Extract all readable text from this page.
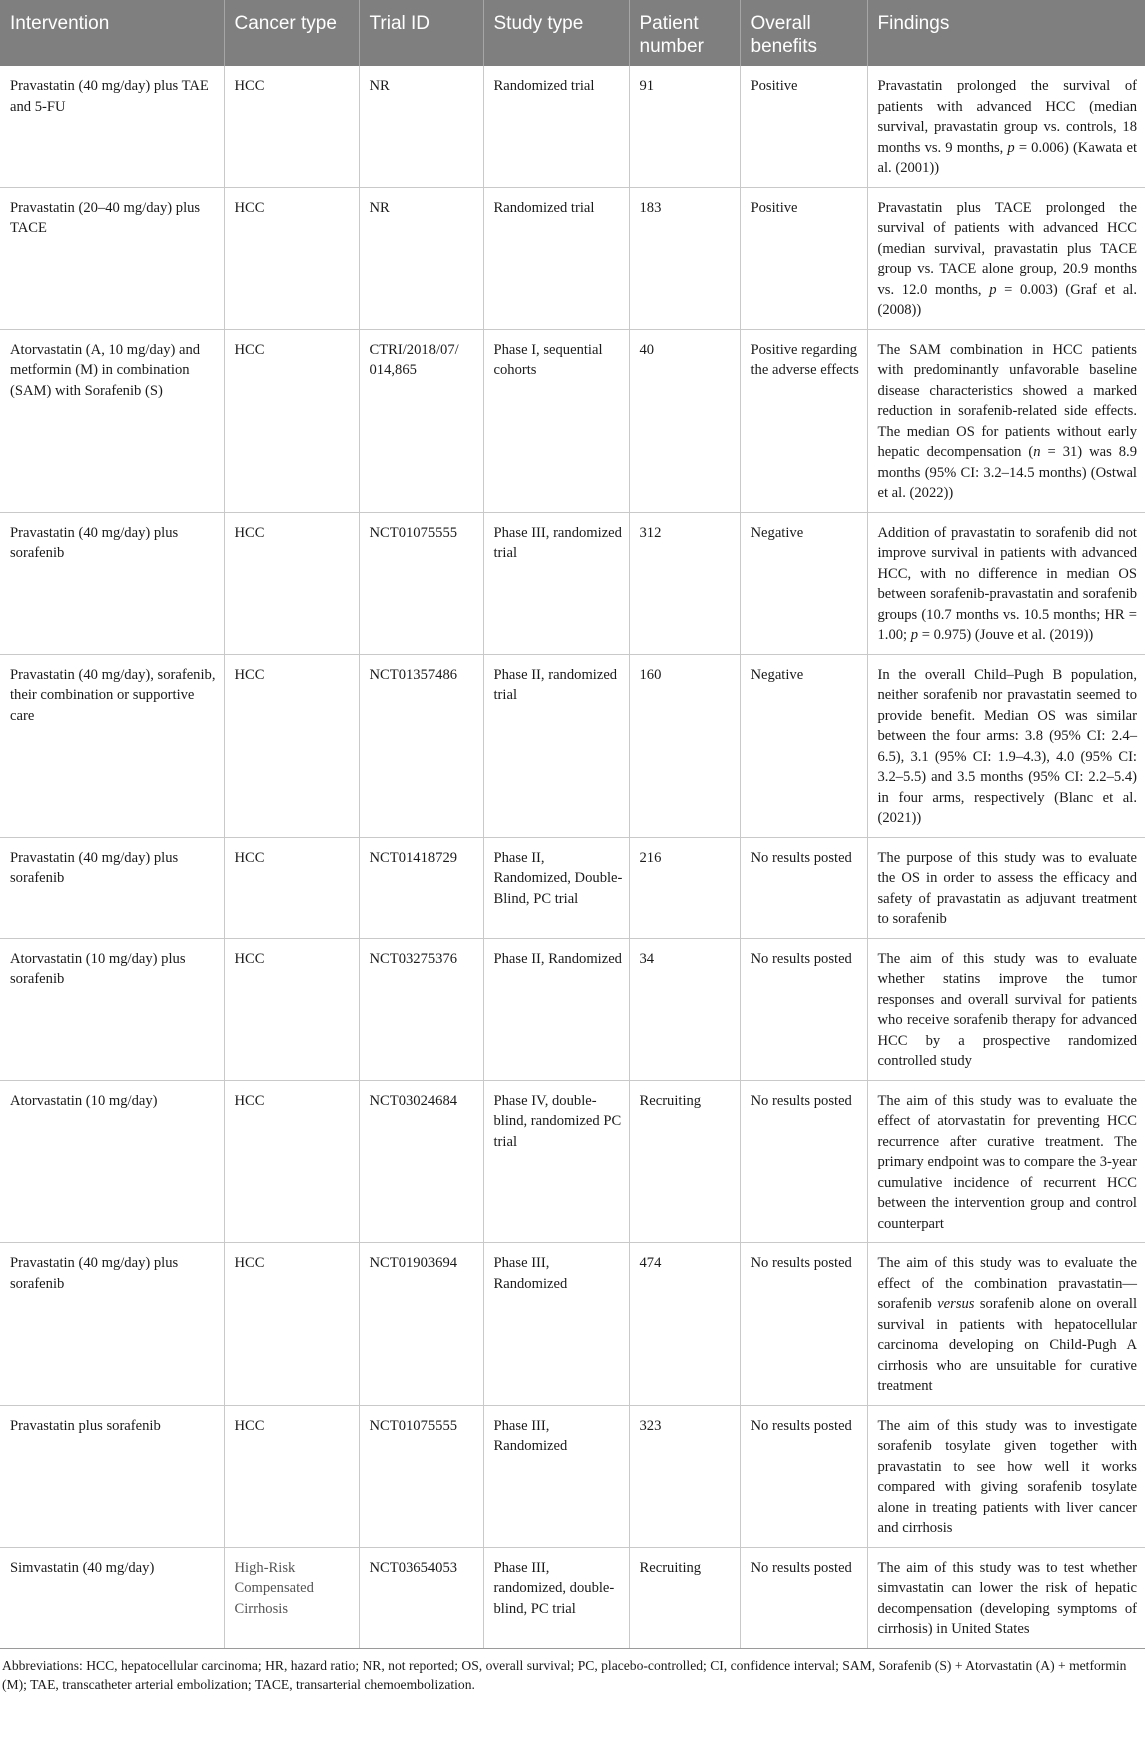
Intervention	Cancer type	Trial ID	Study type	Patient number	Overall benefits	Findings
Pravastatin (40 mg/day) plus TAE and 5-FU	HCC	NR	Randomized trial	91	Positive	Pravastatin prolonged the survival of patients with advanced HCC (median survival, pravastatin group vs. controls, 18 months vs. 9 months, p = 0.006) (Kawata et al. (2001))
Pravastatin (20–40 mg/day) plus TACE	HCC	NR	Randomized trial	183	Positive	Pravastatin plus TACE prolonged the survival of patients with advanced HCC (median survival, pravastatin plus TACE group vs. TACE alone group, 20.9 months vs. 12.0 months, p = 0.003) (Graf et al. (2008))
Atorvastatin (A, 10 mg/day) and metformin (M) in combination (SAM) with Sorafenib (S)	HCC	CTRI/2018/07/ 014,865	Phase I, sequential cohorts	40	Positive regarding the adverse effects	The SAM combination in HCC patients with predominantly unfavorable baseline disease characteristics showed a marked reduction in sorafenib-related side effects. The median OS for patients without early hepatic decompensation (n = 31) was 8.9 months (95% CI: 3.2–14.5 months) (Ostwal et al. (2022))
Pravastatin (40 mg/day) plus sorafenib	HCC	NCT01075555	Phase III, randomized trial	312	Negative	Addition of pravastatin to sorafenib did not improve survival in patients with advanced HCC, with no difference in median OS between sorafenib-pravastatin and sorafenib groups (10.7 months vs. 10.5 months; HR = 1.00; p = 0.975) (Jouve et al. (2019))
Pravastatin (40 mg/day), sorafenib, their combination or supportive care	HCC	NCT01357486	Phase II, randomized trial	160	Negative	In the overall Child–Pugh B population, neither sorafenib nor pravastatin seemed to provide benefit. Median OS was similar between the four arms: 3.8 (95% CI: 2.4–6.5), 3.1 (95% CI: 1.9–4.3), 4.0 (95% CI: 3.2–5.5) and 3.5 months (95% CI: 2.2–5.4) in four arms, respectively (Blanc et al. (2021))
Pravastatin (40 mg/day) plus sorafenib	HCC	NCT01418729	Phase II, Randomized, Double-Blind, PC trial	216	No results posted	The purpose of this study was to evaluate the OS in order to assess the efficacy and safety of pravastatin as adjuvant treatment to sorafenib
Atorvastatin (10 mg/day) plus sorafenib	HCC	NCT03275376	Phase II, Randomized	34	No results posted	The aim of this study was to evaluate whether statins improve the tumor responses and overall survival for patients who receive sorafenib therapy for advanced HCC by a prospective randomized controlled study
Atorvastatin (10 mg/day)	HCC	NCT03024684	Phase IV, double-blind, randomized PC trial	Recruiting	No results posted	The aim of this study was to evaluate the effect of atorvastatin for preventing HCC recurrence after curative treatment. The primary endpoint was to compare the 3-year cumulative incidence of recurrent HCC between the intervention group and control counterpart
Pravastatin (40 mg/day) plus sorafenib	HCC	NCT01903694	Phase III, Randomized	474	No results posted	The aim of this study was to evaluate the effect of the combination pravastatin—sorafenib versus sorafenib alone on overall survival in patients with hepatocellular carcinoma developing on Child-Pugh A cirrhosis who are unsuitable for curative treatment
Pravastatin plus sorafenib	HCC	NCT01075555	Phase III, Randomized	323	No results posted	The aim of this study was to investigate sorafenib tosylate given together with pravastatin to see how well it works compared with giving sorafenib tosylate alone in treating patients with liver cancer and cirrhosis
Simvastatin (40 mg/day)	High-Risk Compensated Cirrhosis	NCT03654053	Phase III, randomized, double-blind, PC trial	Recruiting	No results posted	The aim of this study was to test whether simvastatin can lower the risk of hepatic decompensation (developing symptoms of cirrhosis) in United States

Abbreviations: HCC, hepatocellular carcinoma; HR, hazard ratio; NR, not reported; OS, overall survival; PC, placebo-controlled; CI, confidence interval; SAM, Sorafenib (S) + Atorvastatin (A) + metformin (M); TAE, transcatheter arterial embolization; TACE, transarterial chemoembolization.
